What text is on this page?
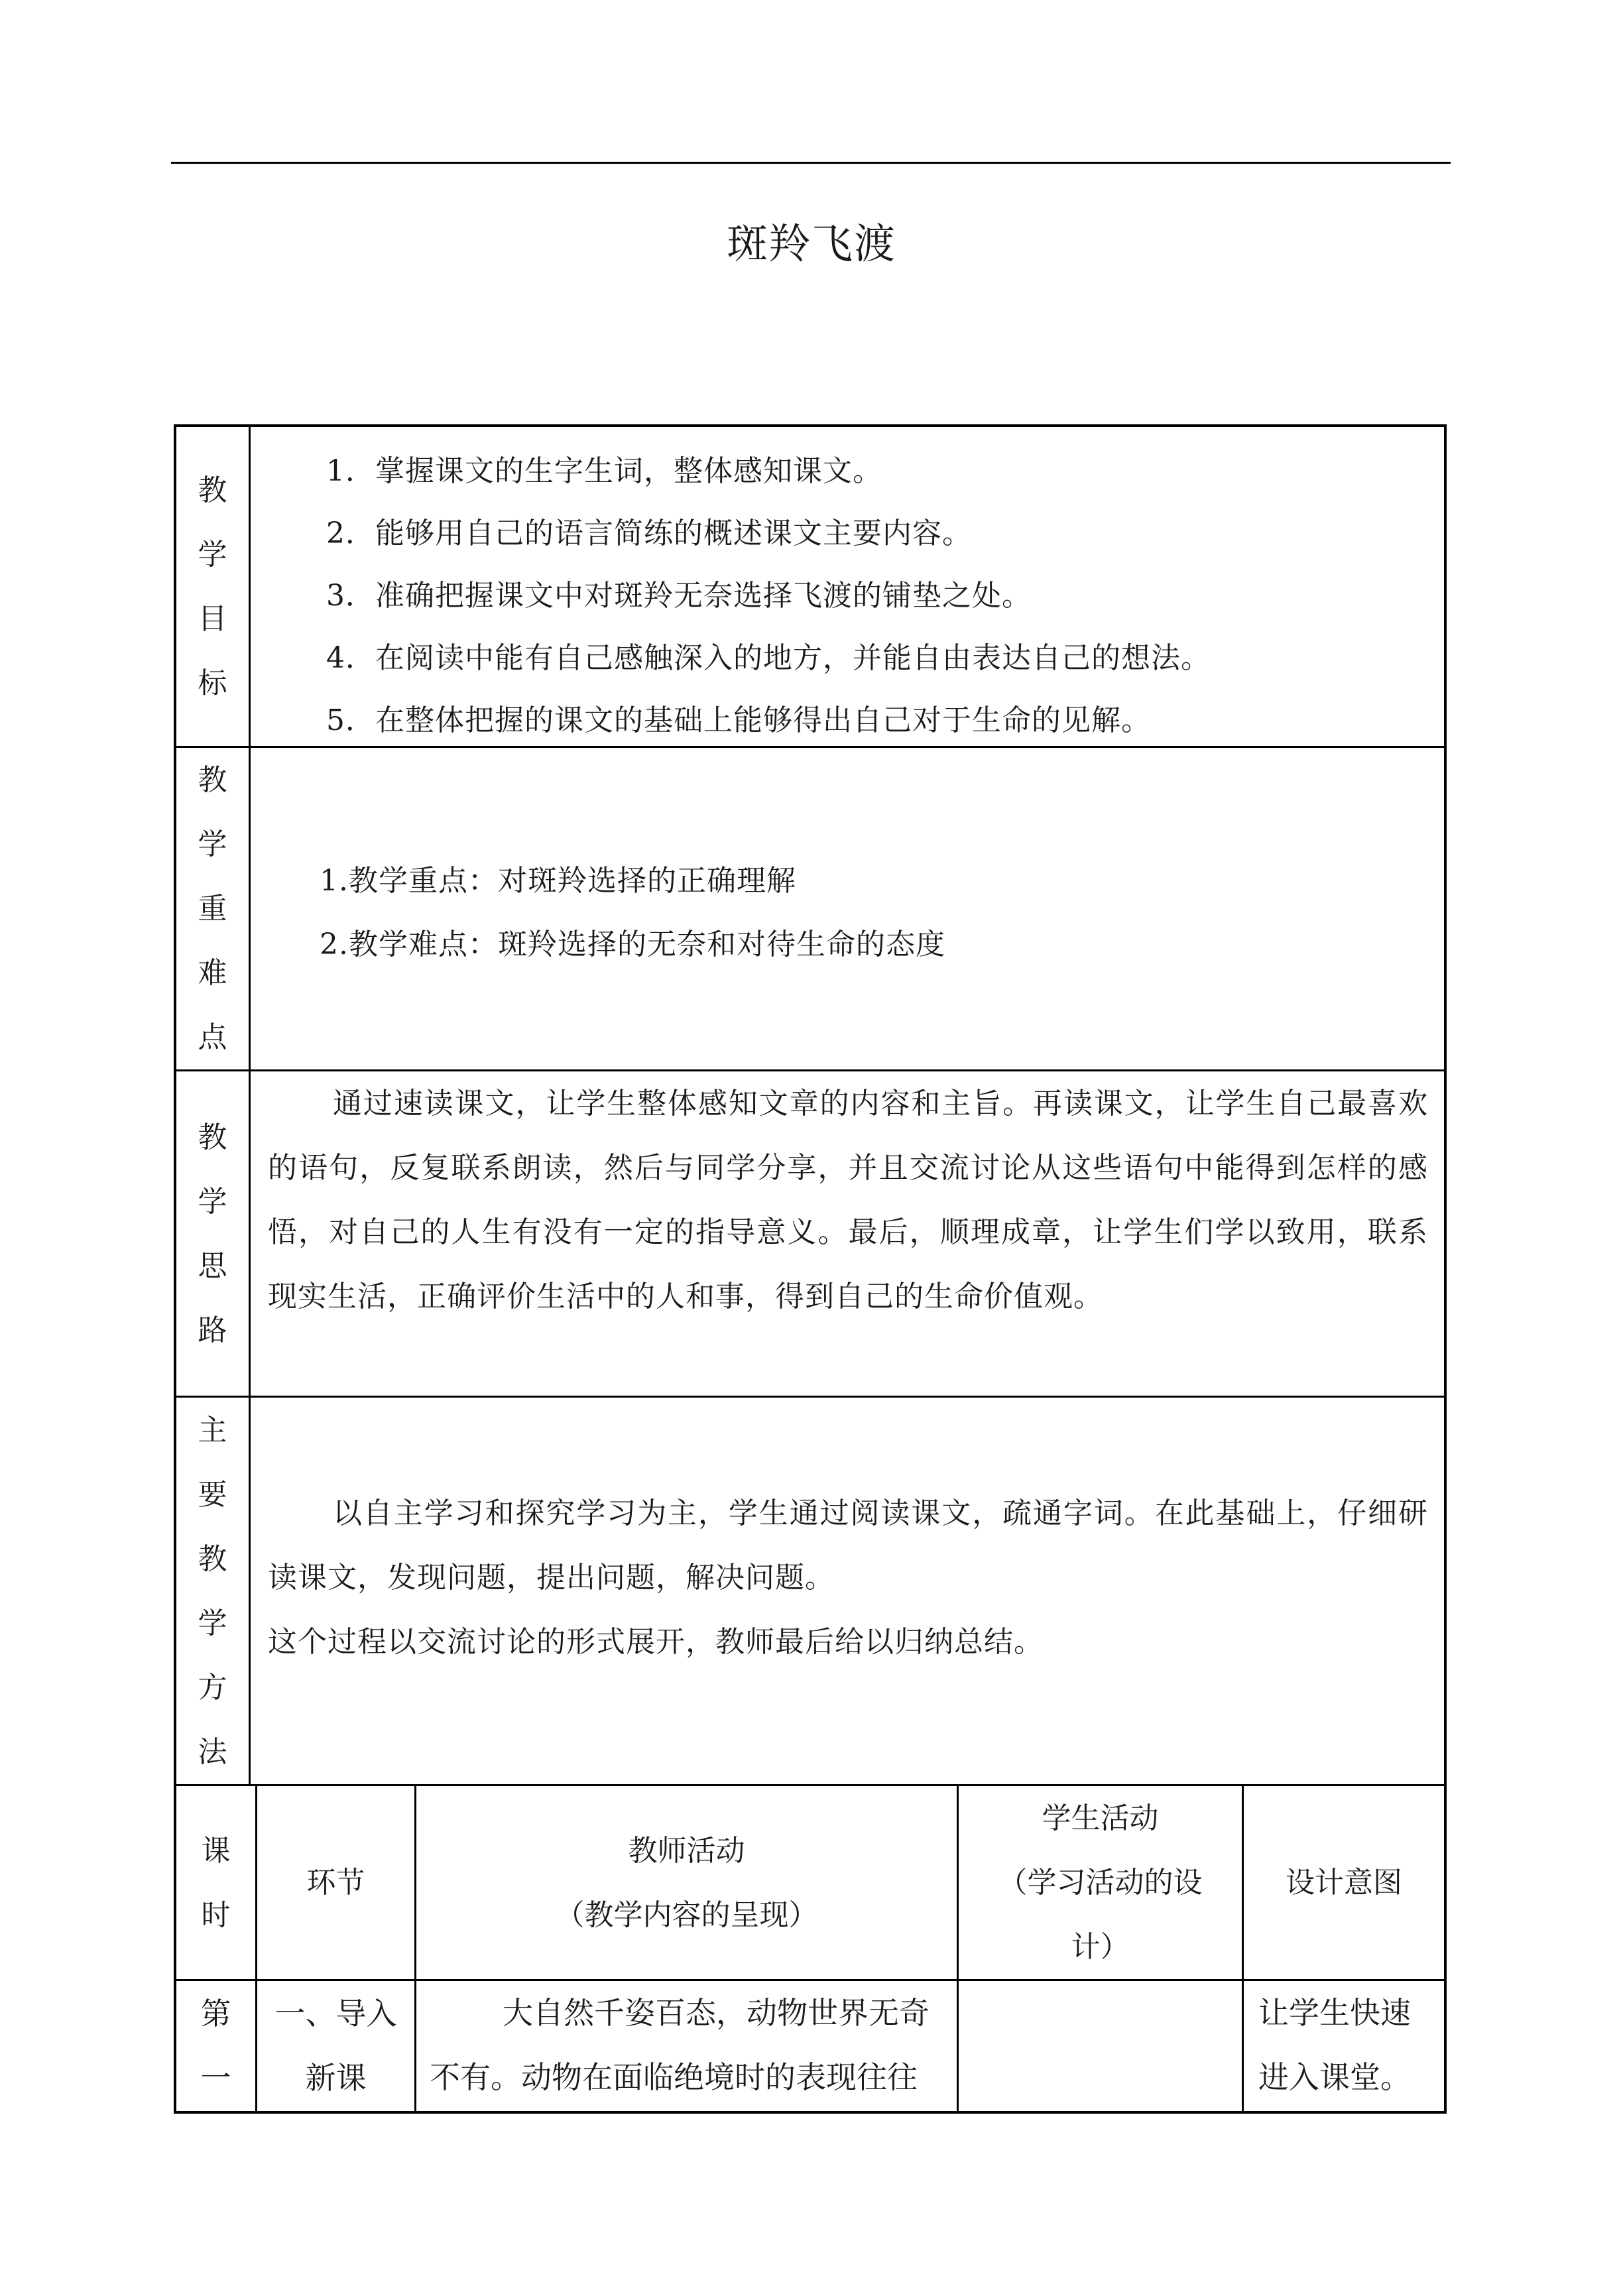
斑羚飞渡
教
学
目
标
1．掌握课文的生字生词，整体感知课文。
2．能够用自己的语言简练的概述课文主要内容。
3．准确把握课文中对斑羚无奈选择飞渡的铺垫之处。
4．在阅读中能有自己感触深入的地方，并能自由表达自己的想法。
5．在整体把握的课文的基础上能够得出自己对于生命的见解。
教
学
重
难
点
1.教学重点：对斑羚选择的正确理解
2.教学难点：斑羚选择的无奈和对待生命的态度
教
学
思
路
通过速读课文，让学生整体感知文章的内容和主旨。再读课文，让学生自己最喜欢的语句，反复联系朗读，然后与同学分享，并且交流讨论从这些语句中能得到怎样的感悟，对自己的人生有没有一定的指导意义。最后，顺理成章，让学生们学以致用，联系现实生活，正确评价生活中的人和事，得到自己的生命价值观。
主
要
教
学
方
法
以自主学习和探究学习为主，学生通过阅读课文，疏通字词。在此基础上，仔细研读课文，发现问题，提出问题，解决问题。
这个过程以交流讨论的形式展开，教师最后给以归纳总结。
课
时
环节
教师活动
（教学内容的呈现）
学生活动
（学习活动的设
计）
设计意图
第
一
一、导入
新课
大自然千姿百态，动物世界无奇
不有。动物在面临绝境时的表现往往
让学生快速
进入课堂。
